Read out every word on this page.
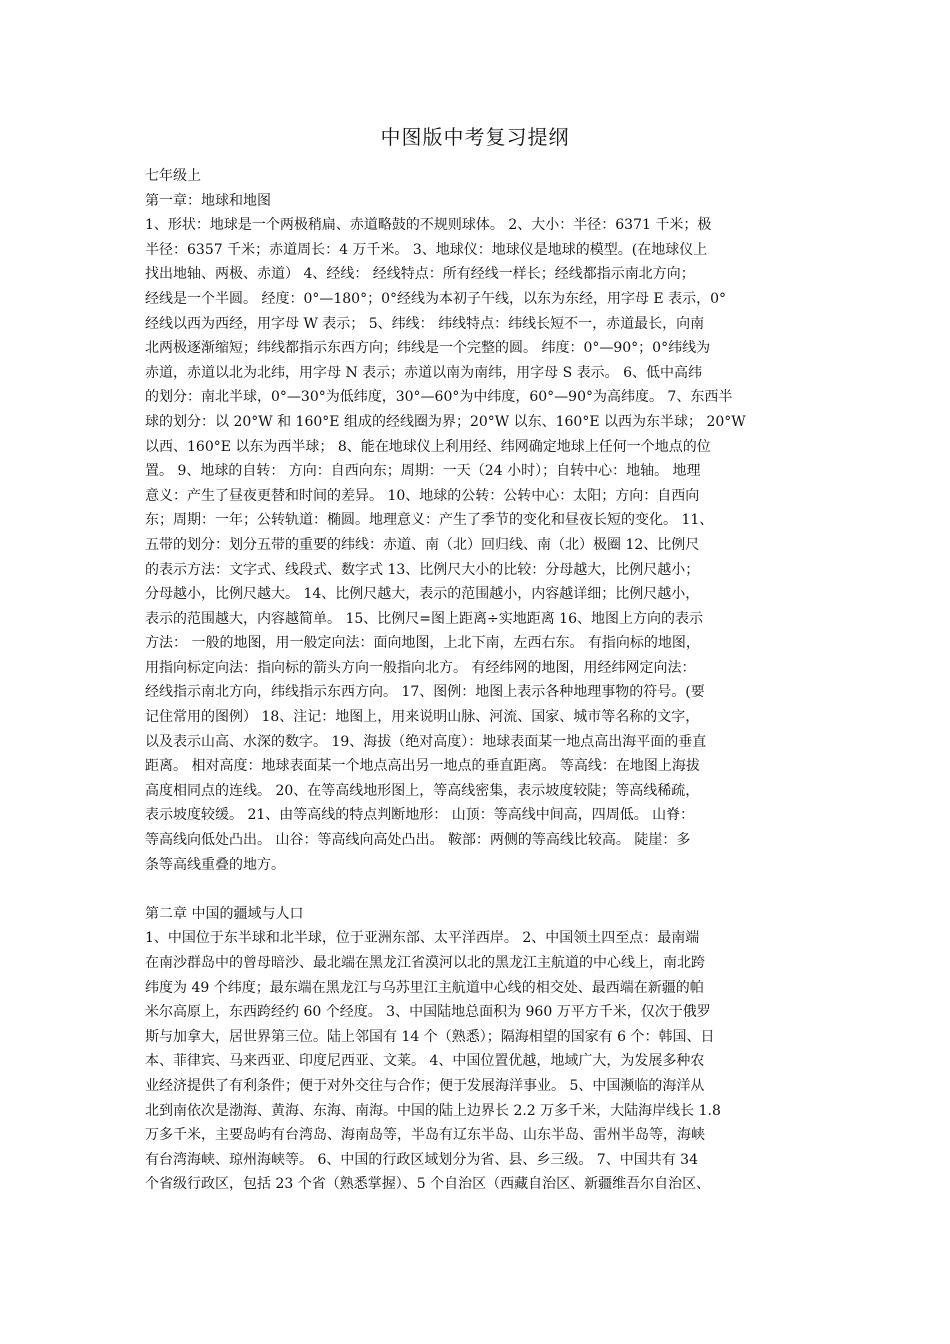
中图版中考复习提纲
七年级上
第一章：地球和地图
1、形状：地球是一个两极稍扁、赤道略鼓的不规则球体。 2、大小：半径：6371 千米；极
半径：6357 千米；赤道周长：4 万千米。 3、地球仪：地球仪是地球的模型。(在地球仪上
找出地轴、两极、赤道） 4、经线： 经线特点：所有经线一样长；经线都指示南北方向；
经线是一个半圆。 经度：0°—180°；0°经线为本初子午线，以东为东经，用字母 E 表示，0°
经线以西为西经，用字母 W 表示； 5、纬线： 纬线特点：纬线长短不一，赤道最长，向南
北两极逐渐缩短；纬线都指示东西方向；纬线是一个完整的圆。 纬度：0°—90°；0°纬线为
赤道，赤道以北为北纬，用字母 N 表示；赤道以南为南纬，用字母 S 表示。 6、低中高纬
的划分：南北半球，0°—30°为低纬度，30°—60°为中纬度，60°—90°为高纬度。 7、东西半
球的划分：以 20°W 和 160°E 组成的经线圈为界；20°W 以东、160°E 以西为东半球； 20°W
以西、160°E 以东为西半球； 8、能在地球仪上利用经、纬网确定地球上任何一个地点的位
置。 9、地球的自转： 方向：自西向东；周期：一天（24 小时）；自转中心：地轴。 地理
意义：产生了昼夜更替和时间的差异。 10、地球的公转：公转中心：太阳；方向：自西向
东；周期：一年；公转轨道：椭圆。地理意义：产生了季节的变化和昼夜长短的变化。 11、
五带的划分：划分五带的重要的纬线：赤道、南（北）回归线、南（北）极圈 12、比例尺
的表示方法：文字式、线段式、数字式 13、比例尺大小的比较：分母越大，比例尺越小；
分母越小，比例尺越大。 14、比例尺越大，表示的范围越小，内容越详细；比例尺越小，
表示的范围越大，内容越简单。 15、比例尺=图上距离÷实地距离 16、地图上方向的表示
方法： 一般的地图，用一般定向法：面向地图，上北下南，左西右东。 有指向标的地图，
用指向标定向法：指向标的箭头方向一般指向北方。 有经纬网的地图，用经纬网定向法：
经线指示南北方向，纬线指示东西方向。 17、图例：地图上表示各种地理事物的符号。(要
记住常用的图例） 18、注记：地图上，用来说明山脉、河流、国家、城市等名称的文字，
以及表示山高、水深的数字。 19、海拔（绝对高度）：地球表面某一地点高出海平面的垂直
距离。 相对高度：地球表面某一个地点高出另一地点的垂直距离。 等高线：在地图上海拔
高度相同点的连线。 20、在等高线地形图上，等高线密集，表示坡度较陡；等高线稀疏，
表示坡度较缓。 21、由等高线的特点判断地形： 山顶：等高线中间高，四周低。 山脊：
等高线向低处凸出。 山谷：等高线向高处凸出。 鞍部：两侧的等高线比较高。 陡崖：多
条等高线重叠的地方。
第二章 中国的疆域与人口
1、中国位于东半球和北半球，位于亚洲东部、太平洋西岸。 2、中国领土四至点：最南端
在南沙群岛中的曾母暗沙、最北端在黑龙江省漠河以北的黑龙江主航道的中心线上，南北跨
纬度为 49 个纬度；最东端在黑龙江与乌苏里江主航道中心线的相交处、最西端在新疆的帕
米尔高原上，东西跨经约 60 个经度。 3、中国陆地总面积为 960 万平方千米，仅次于俄罗
斯与加拿大，居世界第三位。陆上邻国有 14 个（熟悉）；隔海相望的国家有 6 个：韩国、日
本、菲律宾、马来西亚、印度尼西亚、文莱。 4、中国位置优越，地域广大，为发展多种农
业经济提供了有利条件；便于对外交往与合作；便于发展海洋事业。 5、中国濒临的海洋从
北到南依次是渤海、黄海、东海、南海。中国的陆上边界长 2.2 万多千米，大陆海岸线长 1.8
万多千米，主要岛屿有台湾岛、海南岛等，半岛有辽东半岛、山东半岛、雷州半岛等，海峡
有台湾海峡、琼州海峡等。 6、中国的行政区域划分为省、县、乡三级。 7、中国共有 34
个省级行政区，包括 23 个省（熟悉掌握）、5 个自治区（西藏自治区、新疆维吾尔自治区、
